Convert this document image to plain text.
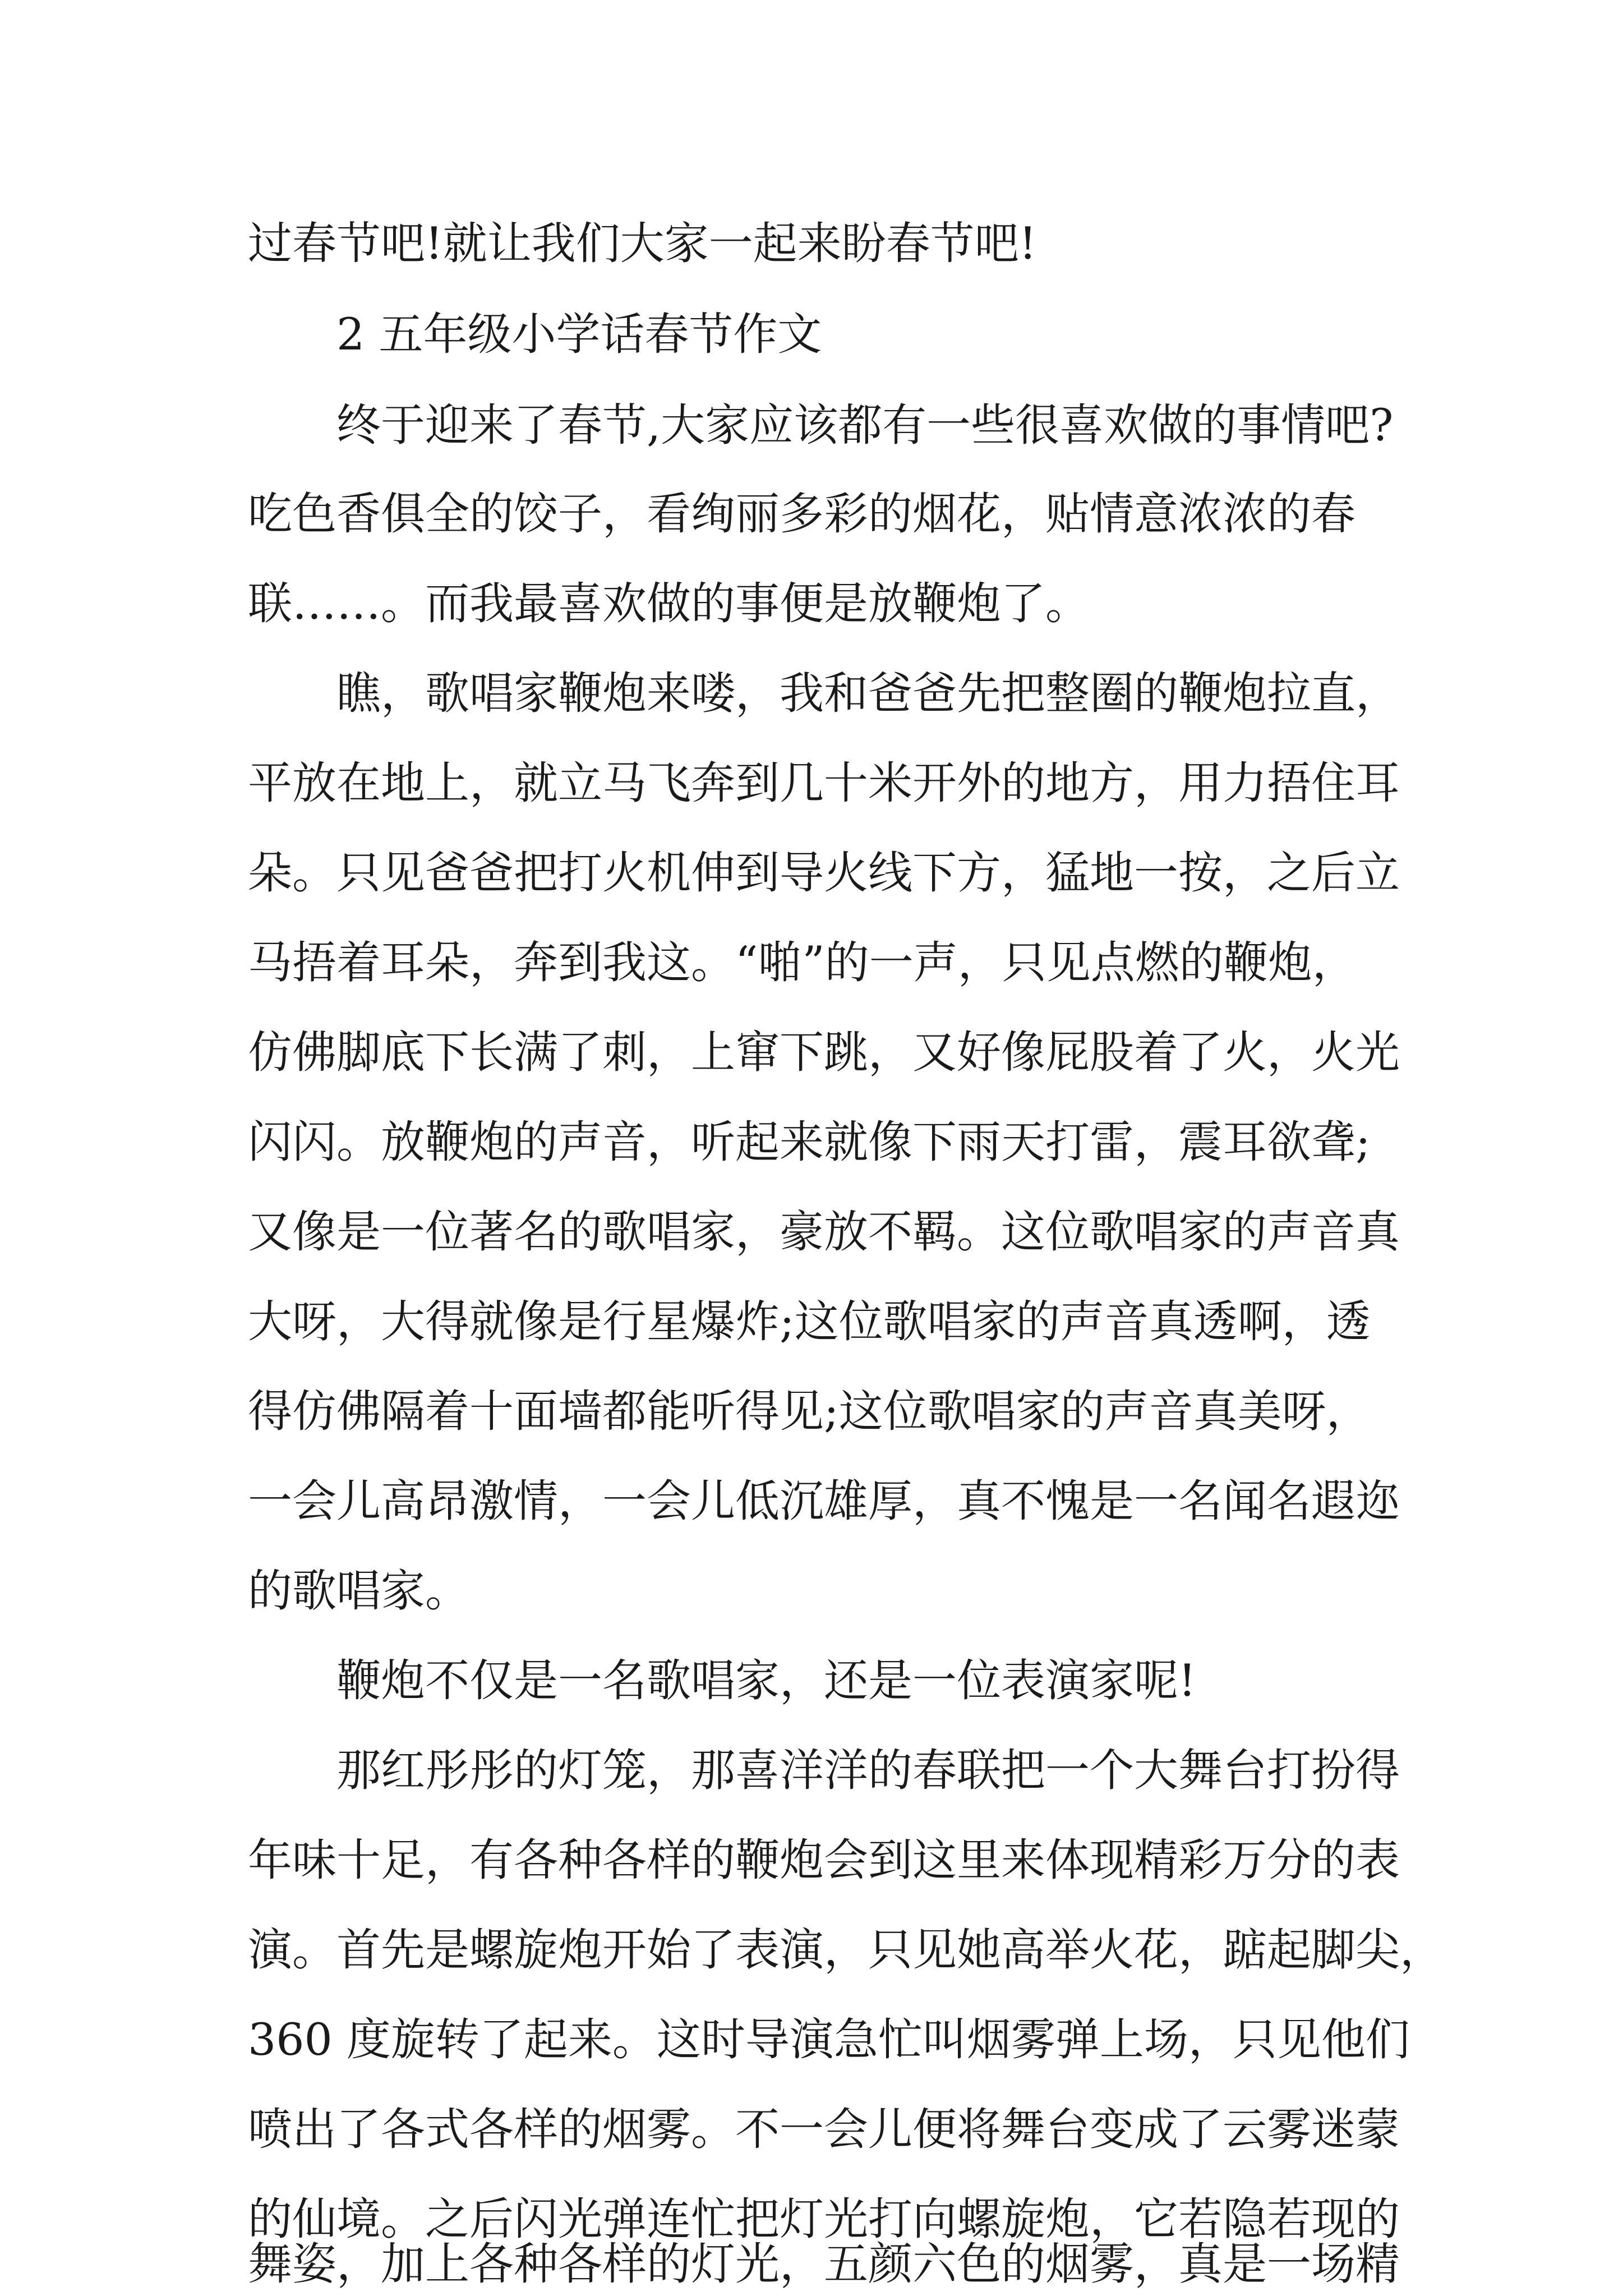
过春节吧!就让我们大家一起来盼春节吧!

2 五年级小学话春节作文

终于迎来了春节,大家应该都有一些很喜欢做的事情吧?

吃色香俱全的饺子，看绚丽多彩的烟花，贴情意浓浓的春

联……。而我最喜欢做的事便是放鞭炮了。

瞧，歌唱家鞭炮来喽，我和爸爸先把整圈的鞭炮拉直，

平放在地上，就立马飞奔到几十米开外的地方，用力捂住耳

朵。只见爸爸把打火机伸到导火线下方，猛地一按，之后立

马捂着耳朵，奔到我这。“啪”的一声，只见点燃的鞭炮，

仿佛脚底下长满了刺，上窜下跳，又好像屁股着了火，火光

闪闪。放鞭炮的声音，听起来就像下雨天打雷，震耳欲聋;

又像是一位著名的歌唱家，豪放不羁。这位歌唱家的声音真

大呀，大得就像是行星爆炸;这位歌唱家的声音真透啊，透

得仿佛隔着十面墙都能听得见;这位歌唱家的声音真美呀，

一会儿高昂激情，一会儿低沉雄厚，真不愧是一名闻名遐迩

的歌唱家。

鞭炮不仅是一名歌唱家，还是一位表演家呢!

那红彤彤的灯笼，那喜洋洋的春联把一个大舞台打扮得

年味十足，有各种各样的鞭炮会到这里来体现精彩万分的表

演。首先是螺旋炮开始了表演，只见她高举火花，踮起脚尖，

360 度旋转了起来。这时导演急忙叫烟雾弹上场，只见他们

喷出了各式各样的烟雾。不一会儿便将舞台变成了云雾迷蒙

的仙境。之后闪光弹连忙把灯光打向螺旋炮，它若隐若现的

舞姿，加上各种各样的灯光，五颜六色的烟雾，真是一场精
